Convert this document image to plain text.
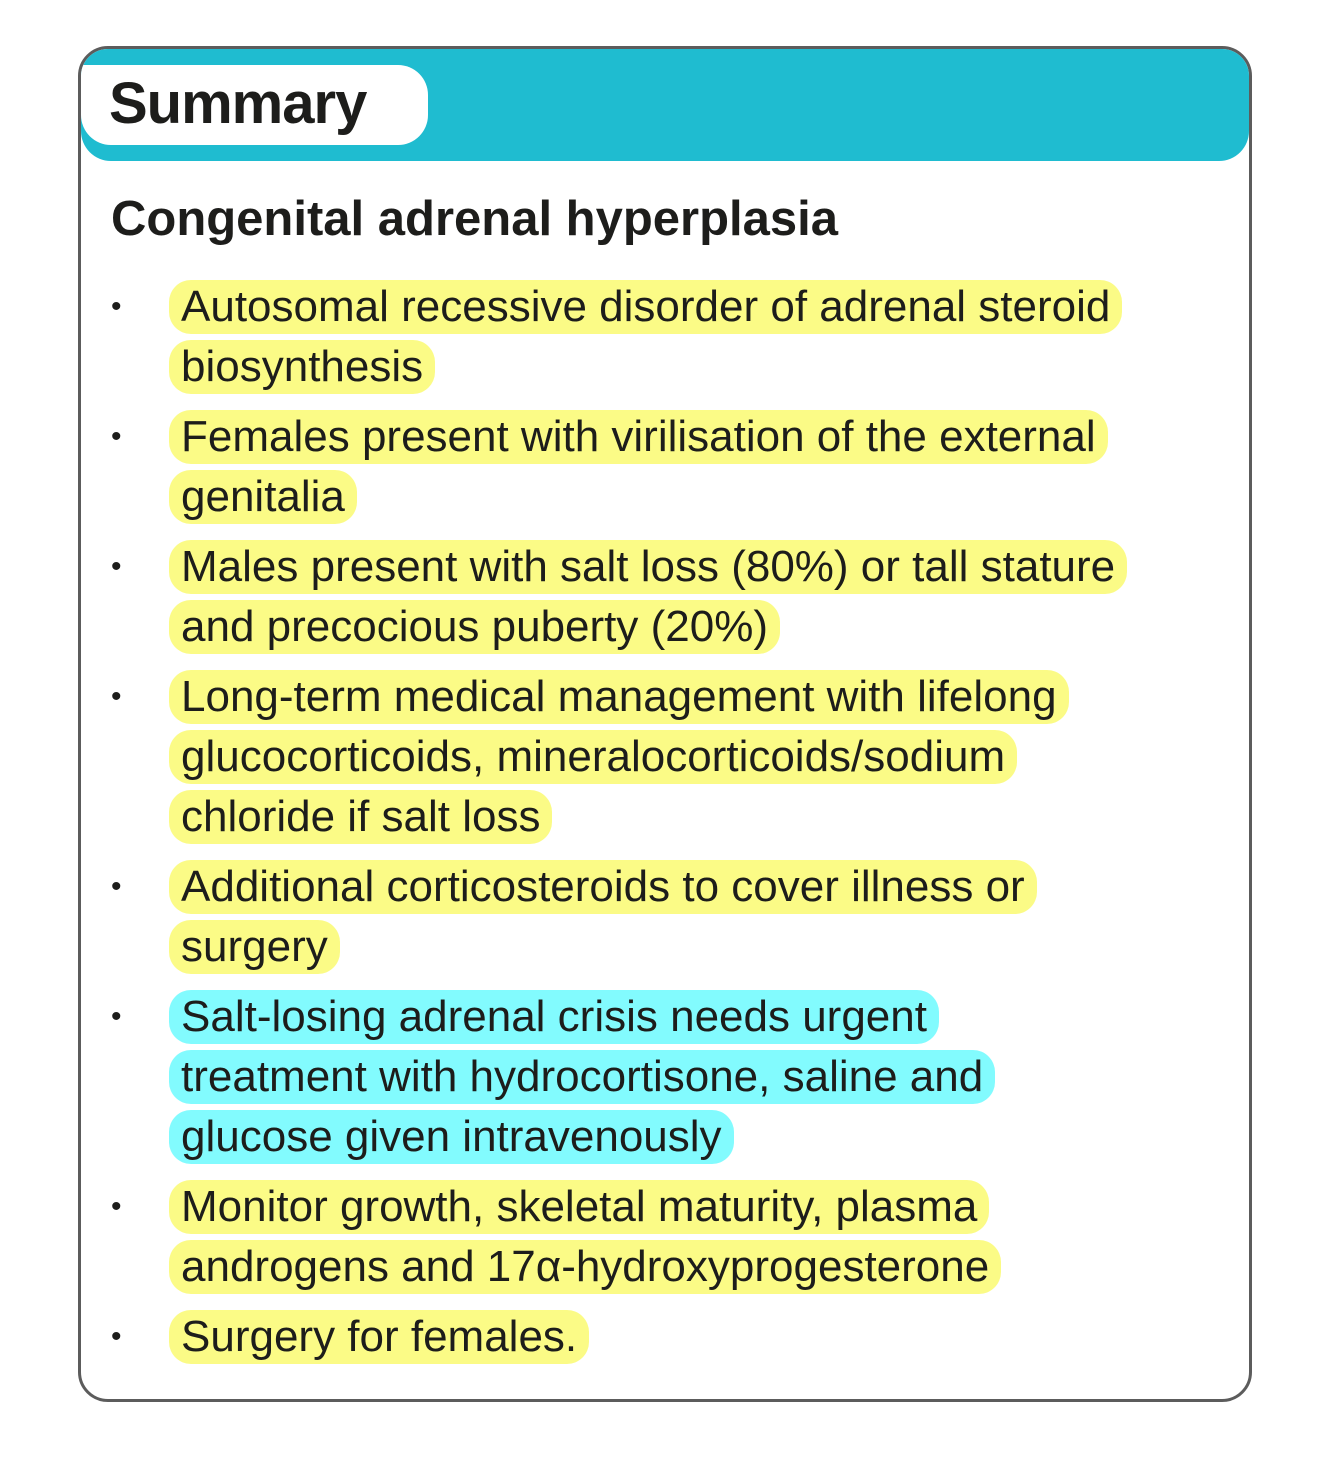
Summary
Congenital adrenal hyperplasia
• Autosomal recessive disorder of adrenal steroid
biosynthesis
• Females present with virilisation of the external
genitalia
• Males present with salt loss (80%) or tall stature
and precocious puberty (20%)
• Long-term medical management with lifelong
glucocorticoids, mineralocorticoids/sodium
chloride if salt loss
• Additional corticosteroids to cover illness or
surgery
• Salt-losing adrenal crisis needs urgent
treatment with hydrocortisone, saline and
glucose given intravenously
• Monitor growth, skeletal maturity, plasma
androgens and 17α-hydroxyprogesterone
• Surgery for females.
